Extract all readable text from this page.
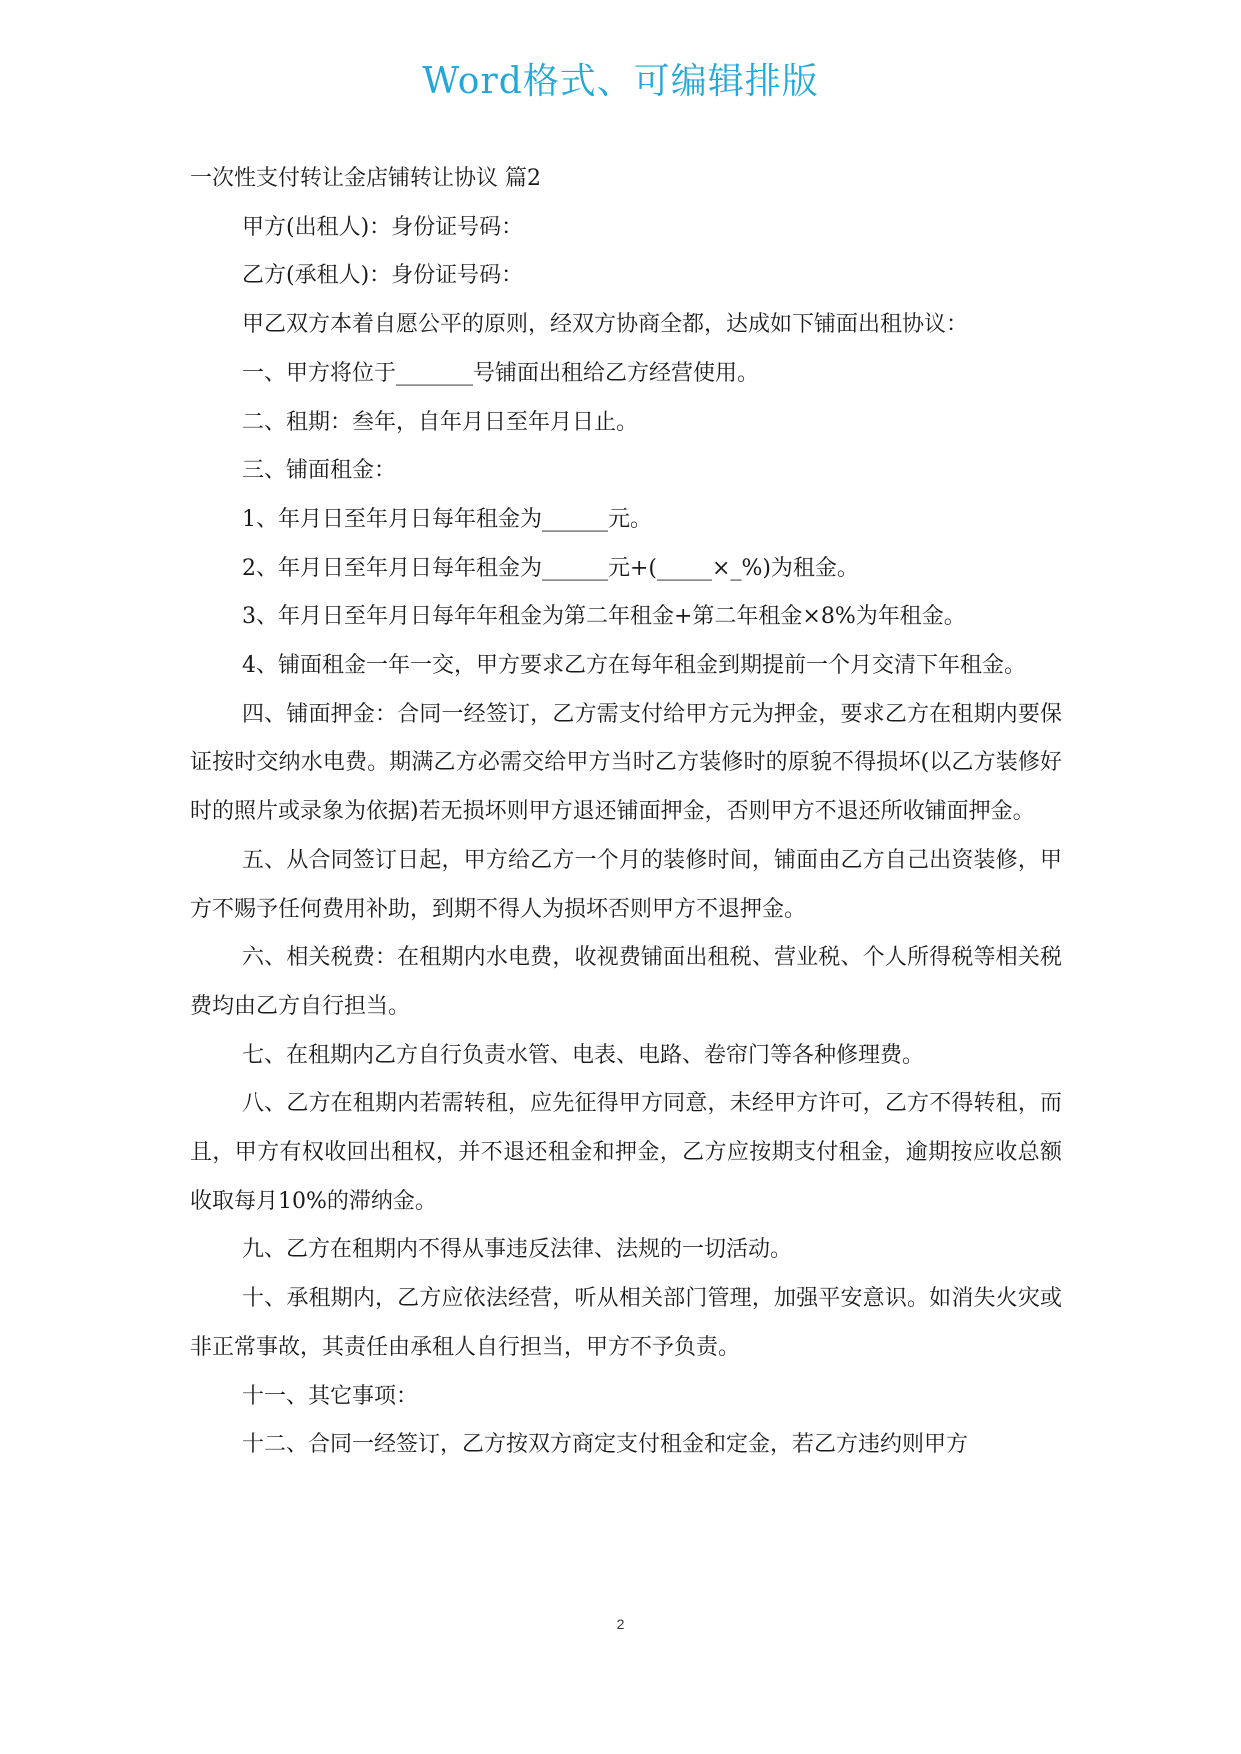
Word格式、可编辑排版
一次性支付转让金店铺转让协议 篇2
甲方(出租人)：身份证号码：
乙方(承租人)：身份证号码：
甲乙双方本着自愿公平的原则，经双方协商全都，达成如下铺面出租协议：
一、甲方将位于_______号铺面出租给乙方经营使用。
二、租期：叁年，自年月日至年月日止。
三、铺面租金：
1、年月日至年月日每年租金为______元。
2、年月日至年月日每年租金为______元+(_____×_%)为租金。
3、年月日至年月日每年年租金为第二年租金+第二年租金×8%为年租金。

4、铺面租金一年一交，甲方要求乙方在每年租金到期提前一个月交清下年租金。

四、铺面押金：合同一经签订，乙方需支付给甲方元为押金，要求乙方在租期内要保证按时交纳水电费。期满乙方必需交给甲方当时乙方装修时的原貌不得损坏(以乙方装修好时的照片或录象为依据)若无损坏则甲方退还铺面押金，否则甲方不退还所收铺面押金。

五、从合同签订日起，甲方给乙方一个月的装修时间，铺面由乙方自己出资装修，甲方不赐予任何费用补助，到期不得人为损坏否则甲方不退押金。

六、相关税费：在租期内水电费，收视费铺面出租税、营业税、个人所得税等相关税费均由乙方自行担当。

七、在租期内乙方自行负责水管、电表、电路、卷帘门等各种修理费。

八、乙方在租期内若需转租，应先征得甲方同意，未经甲方许可，乙方不得转租，而且，甲方有权收回出租权，并不退还租金和押金，乙方应按期支付租金，逾期按应收总额收取每月10%的滞纳金。

九、乙方在租期内不得从事违反法律、法规的一切活动。

十、承租期内，乙方应依法经营，听从相关部门管理，加强平安意识。如消失火灾或非正常事故，其责任由承租人自行担当，甲方不予负责。

十一、其它事项：
十二、合同一经签订，乙方按双方商定支付租金和定金，若乙方违约则甲方
2
